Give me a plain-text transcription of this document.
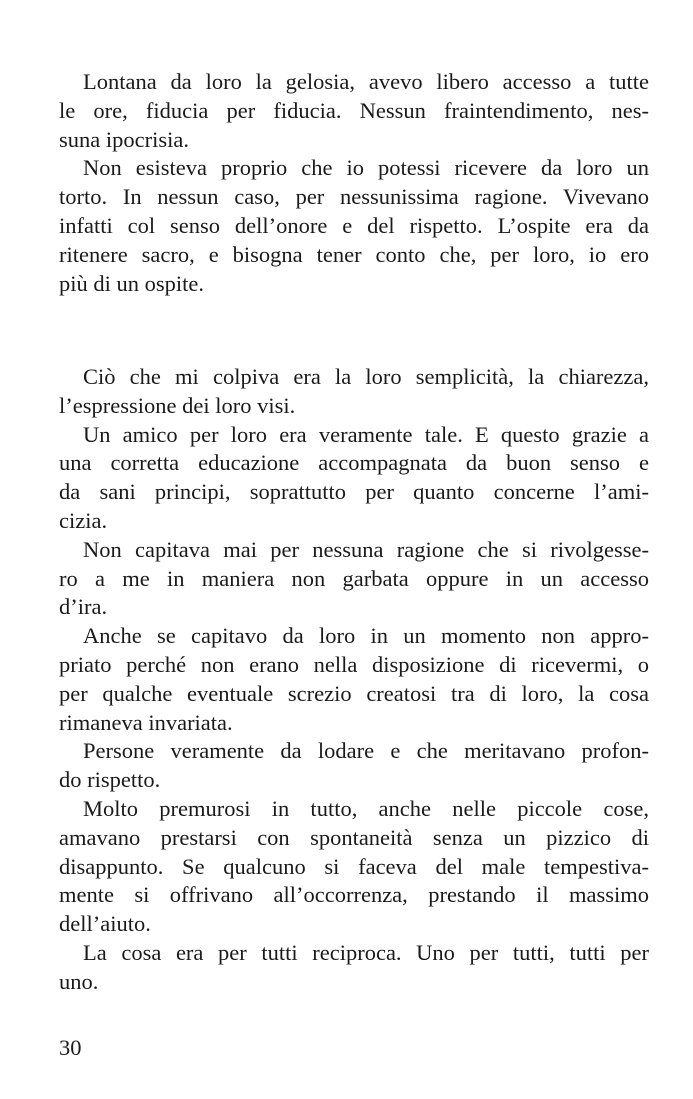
Lontana da loro la gelosia, avevo libero accesso a tutte
le ore, fiducia per fiducia. Nessun fraintendimento, nes-
suna ipocrisia.
Non esisteva proprio che io potessi ricevere da loro un
torto. In nessun caso, per nessunissima ragione. Vivevano
infatti col senso dell’onore e del rispetto. L’ospite era da
ritenere sacro, e bisogna tener conto che, per loro, io ero
più di un ospite.
Ciò che mi colpiva era la loro semplicità, la chiarezza,
l’espressione dei loro visi.
Un amico per loro era veramente tale. E questo grazie a
una corretta educazione accompagnata da buon senso e
da sani principi, soprattutto per quanto concerne l’ami-
cizia.
Non capitava mai per nessuna ragione che si rivolgesse-
ro a me in maniera non garbata oppure in un accesso
d’ira.
Anche se capitavo da loro in un momento non appro-
priato perché non erano nella disposizione di ricevermi, o
per qualche eventuale screzio creatosi tra di loro, la cosa
rimaneva invariata.
Persone veramente da lodare e che meritavano profon-
do rispetto.
Molto premurosi in tutto, anche nelle piccole cose,
amavano prestarsi con spontaneità senza un pizzico di
disappunto. Se qualcuno si faceva del male tempestiva-
mente si offrivano all’occorrenza, prestando il massimo
dell’aiuto.
La cosa era per tutti reciproca. Uno per tutti, tutti per
uno.
30
